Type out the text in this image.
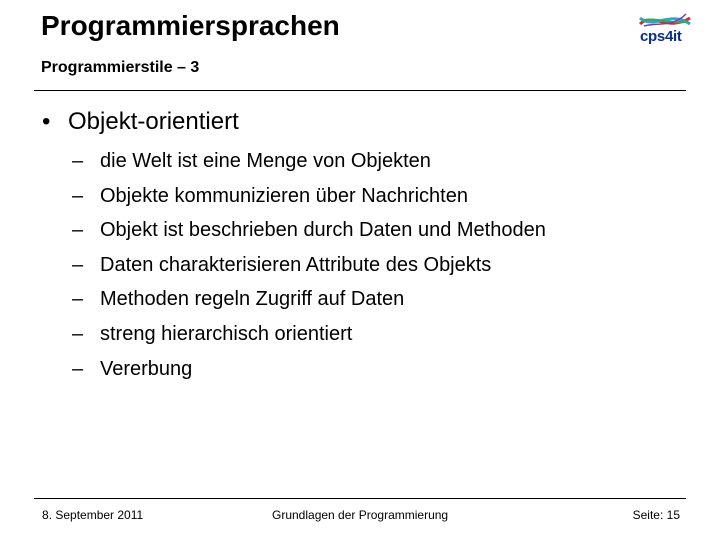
Programmiersprachen
Programmierstile – 3
cps4it
• Objekt-orientiert
– die Welt ist eine Menge von Objekten
– Objekte kommunizieren über Nachrichten
– Objekt ist beschrieben durch Daten und Methoden
– Daten charakterisieren Attribute des Objekts
– Methoden regeln Zugriff auf Daten
– streng hierarchisch orientiert
– Vererbung
8. September 2011	Grundlagen der Programmierung	Seite: 15
